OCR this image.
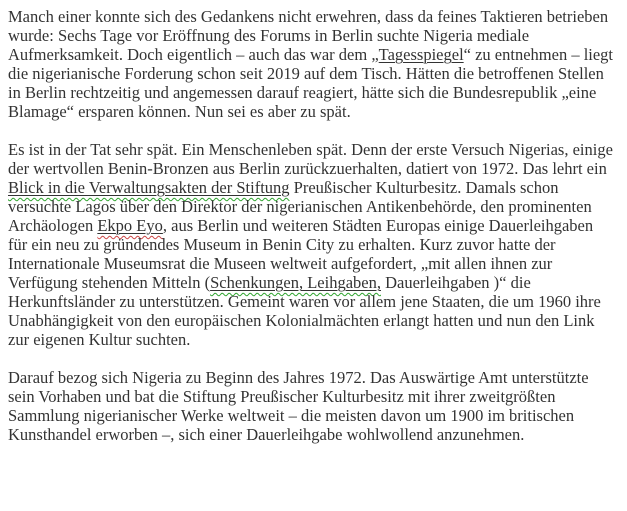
Manch einer konnte sich des Gedankens nicht erwehren, dass da feines Taktieren betrieben wurde: Sechs Tage vor Eröffnung des Forums in Berlin suchte Nigeria mediale Aufmerksamkeit. Doch eigentlich – auch das war dem „Tagesspiegel“ zu entnehmen – liegt die nigerianische Forderung schon seit 2019 auf dem Tisch. Hätten die betroffenen Stellen in Berlin rechtzeitig und angemessen darauf reagiert, hätte sich die Bundesrepublik „eine Blamage“ ersparen können. Nun sei es aber zu spät.

Es ist in der Tat sehr spät. Ein Menschenleben spät. Denn der erste Versuch Nigerias, einige der wertvollen Benin-Bronzen aus Berlin zurückzuerhalten, datiert von 1972. Das lehrt ein Blick in die Verwaltungsakten der Stiftung Preußischer Kulturbesitz. Damals schon versuchte Lagos über den Direktor der nigerianischen Antikenbehörde, den prominenten Archäologen Ekpo Eyo, aus Berlin und weiteren Städten Europas einige Dauerleihgaben für ein neu zu gründendes Museum in Benin City zu erhalten. Kurz zuvor hatte der Internationale Museumsrat die Museen weltweit aufgefordert, „mit allen ihnen zur Verfügung stehenden Mitteln (Schenkungen, Leihgaben, Dauerleihgaben )“ die Herkunftsländer zu unterstützen. Gemeint waren vor allem jene Staaten, die um 1960 ihre Unabhängigkeit von den europäischen Kolonialmächten erlangt hatten und nun den Link zur eigenen Kultur suchten.

Darauf bezog sich Nigeria zu Beginn des Jahres 1972. Das Auswärtige Amt unterstützte sein Vorhaben und bat die Stiftung Preußischer Kulturbesitz mit ihrer zweitgrößten Sammlung nigerianischer Werke weltweit – die meisten davon um 1900 im britischen Kunsthandel erworben –, sich einer Dauerleihgabe wohlwollend anzunehmen.
